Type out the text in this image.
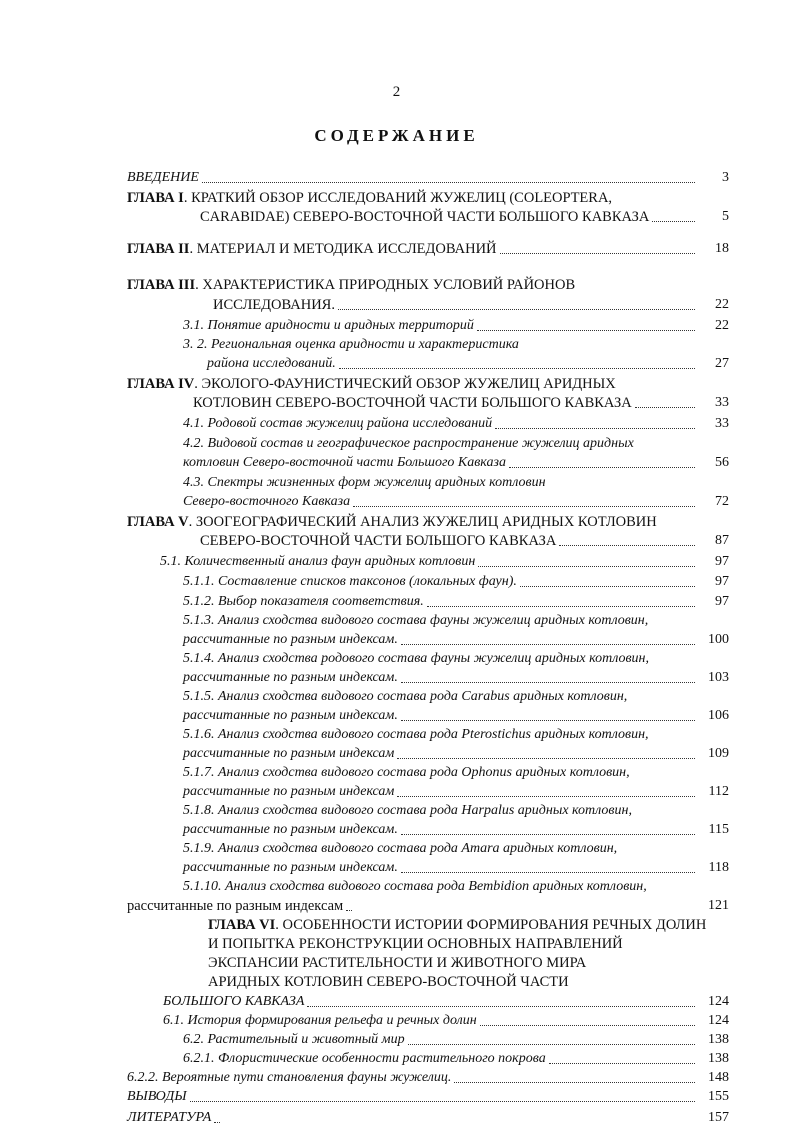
2
СОДЕРЖАНИЕ
ВВЕДЕНИЕ	3
ГЛАВА I. КРАТКИЙ ОБЗОР ИССЛЕДОВАНИЙ ЖУЖЕЛИЦ (COLEOPTERA,
CARABIDAE) СЕВЕРО-ВОСТОЧНОЙ ЧАСТИ БОЛЬШОГО КАВКАЗА	5
ГЛАВА II. МАТЕРИАЛ И МЕТОДИКА ИССЛЕДОВАНИЙ	18
ГЛАВА III. ХАРАКТЕРИСТИКА ПРИРОДНЫХ УСЛОВИЙ РАЙОНОВ
ИССЛЕДОВАНИЯ.	22
3.1. Понятие аридности и аридных территорий	22
3. 2. Региональная оценка аридности и характеристика
района исследований.	27
ГЛАВА IV. ЭКОЛОГО-ФАУНИСТИЧЕСКИЙ ОБЗОР ЖУЖЕЛИЦ АРИДНЫХ
КОТЛОВИН СЕВЕРО-ВОСТОЧНОЙ ЧАСТИ БОЛЬШОГО КАВКАЗА	33
4.1. Родовой состав жужелиц района исследований	33
4.2. Видовой состав и географическое распространение жужелиц аридных
котловин Северо-восточной части Большого Кавказа	56
4.3. Спектры жизненных форм жужелиц аридных котловин
Северо-восточного Кавказа	72
ГЛАВА V. ЗООГЕОГРАФИЧЕСКИЙ АНАЛИЗ ЖУЖЕЛИЦ АРИДНЫХ КОТЛОВИН
СЕВЕРО-ВОСТОЧНОЙ ЧАСТИ БОЛЬШОГО КАВКАЗА	87
5.1. Количественный анализ фаун аридных котловин	97
5.1.1. Составление списков таксонов (локальных фаун).	97
5.1.2. Выбор показателя соответствия.	97
5.1.3. Анализ сходства видового состава фауны жужелиц аридных котловин,
рассчитанные по разным индексам.	100
5.1.4. Анализ сходства родового состава фауны жужелиц аридных котловин,
рассчитанные по разным индексам.	103
5.1.5. Анализ сходства видового состава рода Carabus аридных котловин,
рассчитанные по разным индексам.	106
5.1.6. Анализ сходства видового состава рода Pterostichus аридных котловин,
рассчитанные по разным индексам	109
5.1.7. Анализ сходства видового состава рода Ophonus аридных котловин,
рассчитанные по разным индексам	112
5.1.8. Анализ сходства видового состава рода Harpalus аридных котловин,
рассчитанные по разным индексам.	115
5.1.9. Анализ сходства видового состава рода Amara аридных котловин,
рассчитанные по разным индексам.	118
5.1.10. Анализ сходства видового состава рода Bembidion аридных котловин,
рассчитанные по разным индексам	121
ГЛАВА VI. ОСОБЕННОСТИ ИСТОРИИ ФОРМИРОВАНИЯ РЕЧНЫХ ДОЛИН
И ПОПЫТКА РЕКОНСТРУКЦИИ ОСНОВНЫХ НАПРАВЛЕНИЙ
ЭКСПАНСИИ РАСТИТЕЛЬНОСТИ И ЖИВОТНОГО МИРА
АРИДНЫХ КОТЛОВИН СЕВЕРО-ВОСТОЧНОЙ ЧАСТИ
БОЛЬШОГО КАВКАЗА	124
6.1. История формирования рельефа и речных долин	124
6.2. Растительный и животный мир	138
6.2.1. Флористические особенности растительного покрова	138
6.2.2. Вероятные пути становления фауны жужелиц.	148
ВЫВОДЫ	155
ЛИТЕРАТУРА	157
